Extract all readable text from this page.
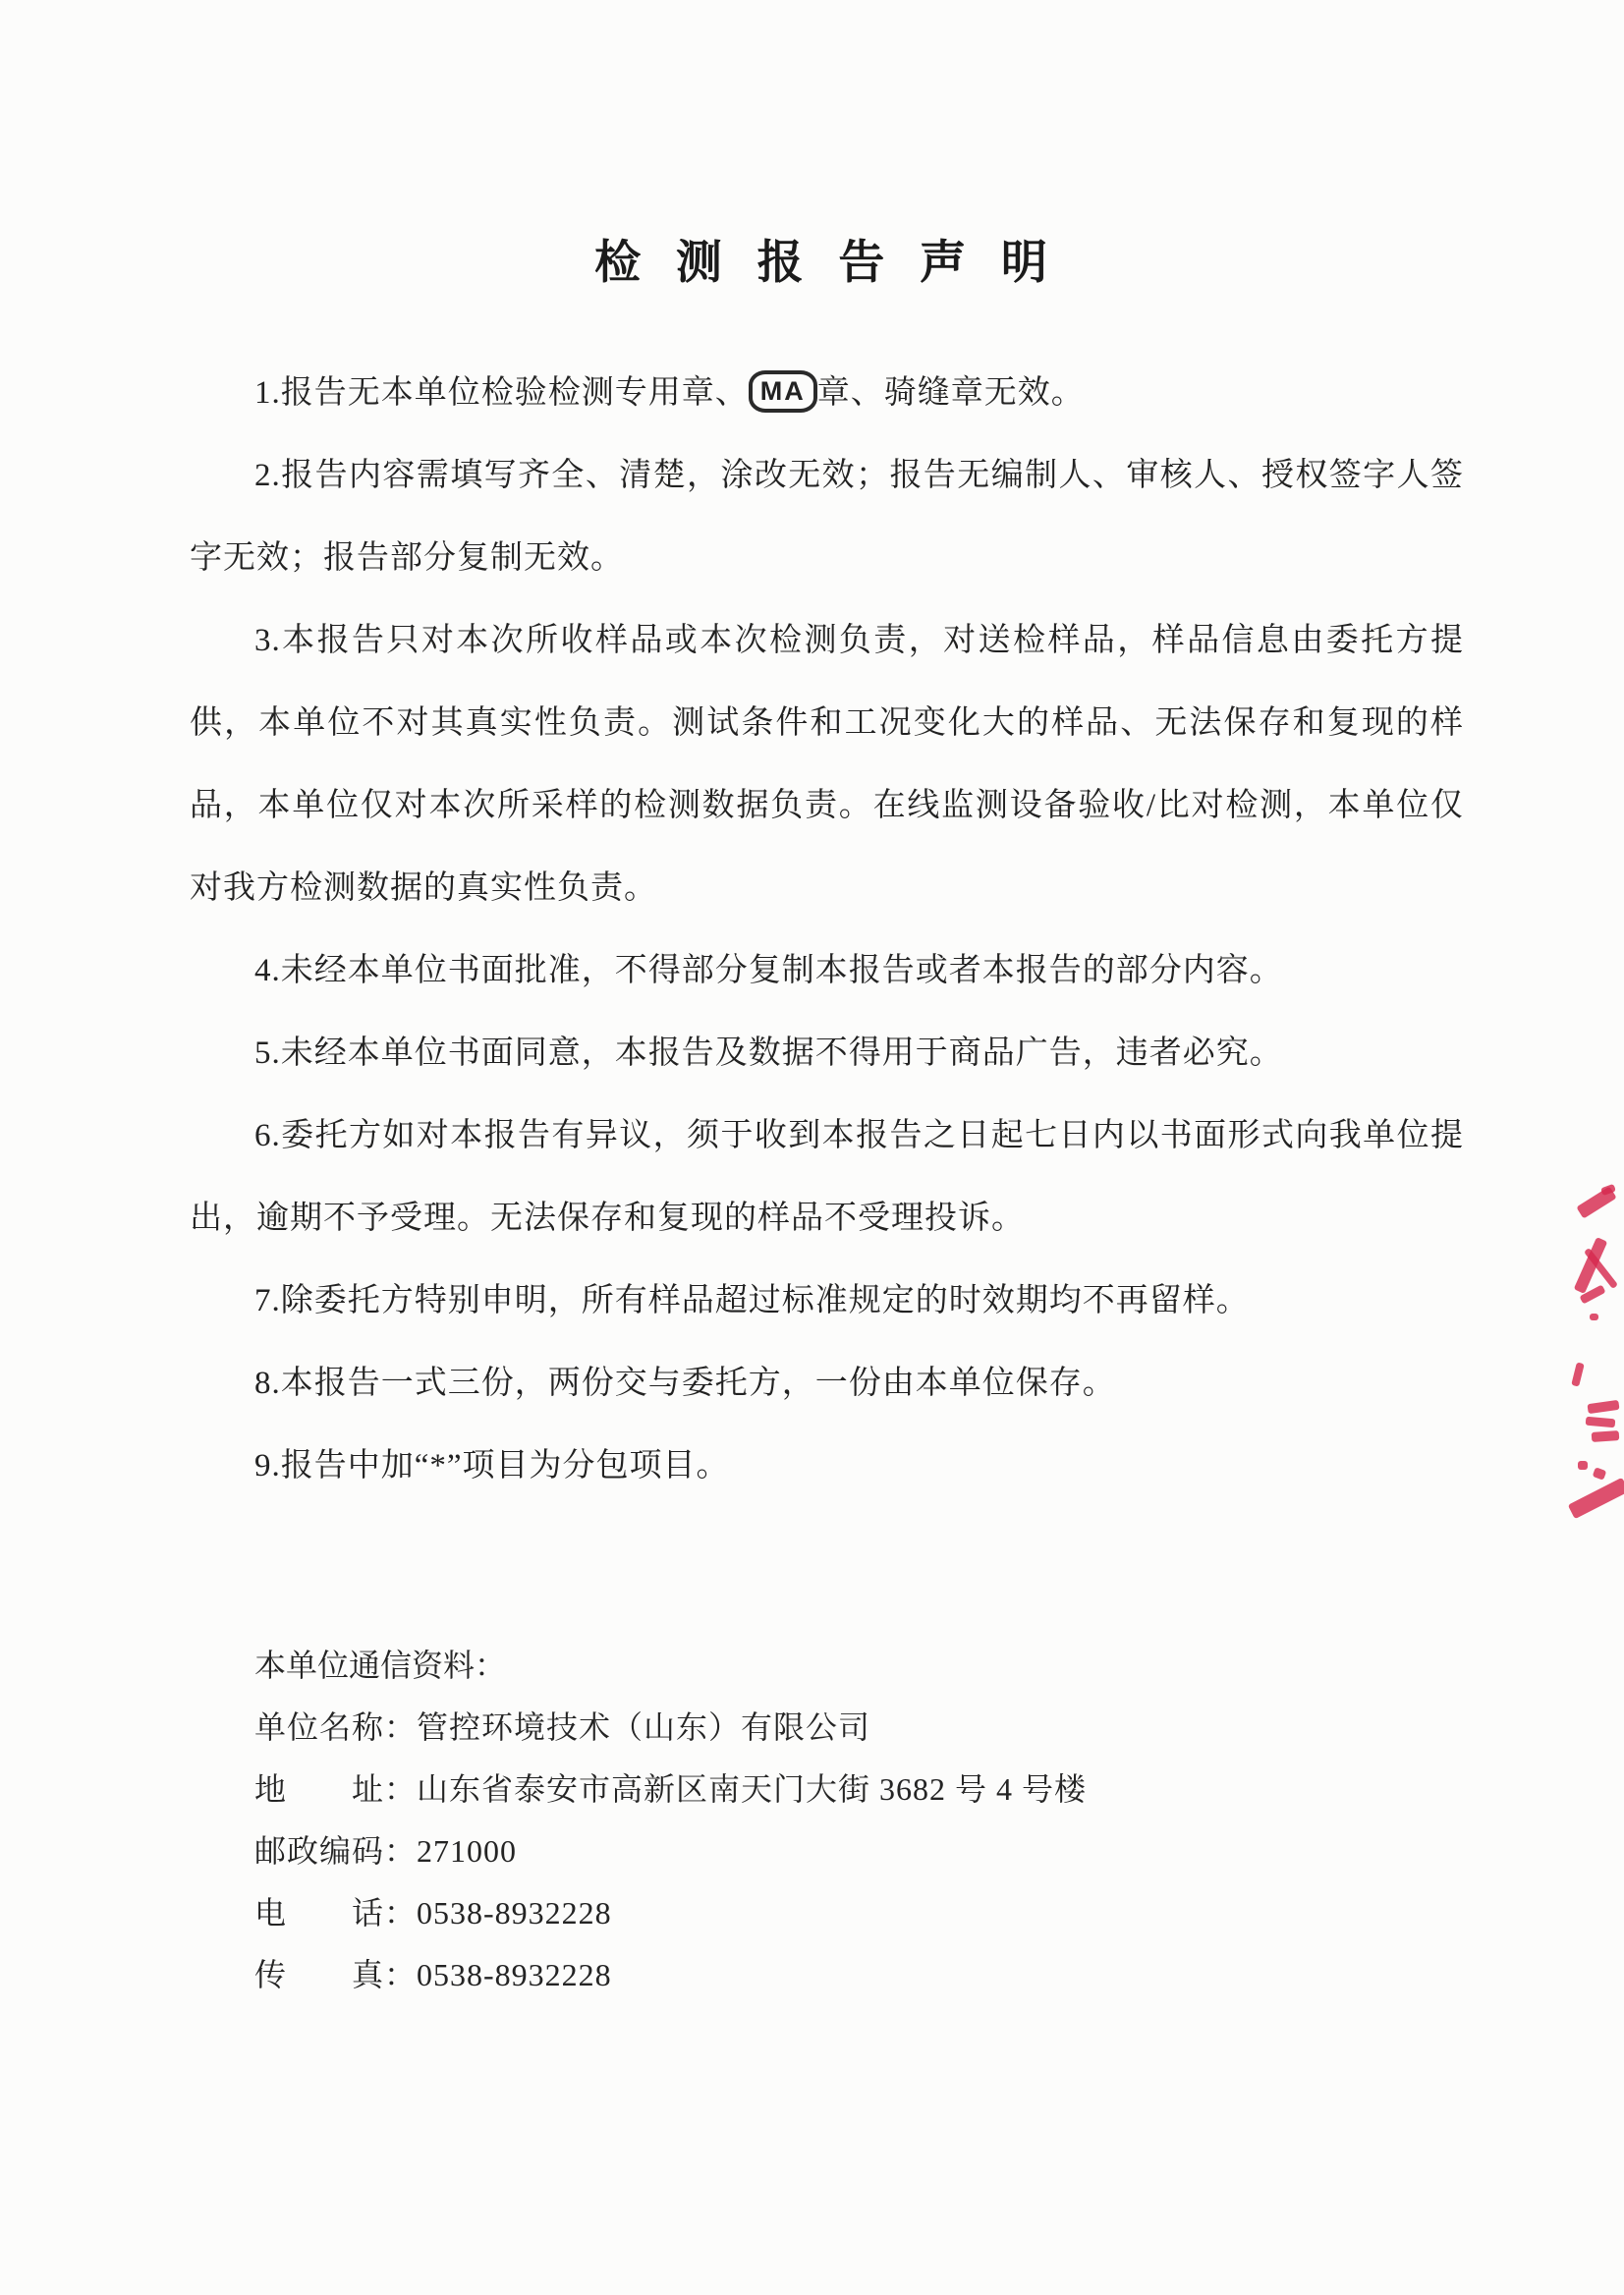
检 测 报 告 声 明

1.报告无本单位检验检测专用章、 MA 章、骑缝章无效。

2.报告内容需填写齐全、清楚，涂改无效；报告无编制人、审核人、授权签字人签字无效；报告部分复制无效。

3.本报告只对本次所收样品或本次检测负责，对送检样品，样品信息由委托方提供，本单位不对其真实性负责。测试条件和工况变化大的样品、无法保存和复现的样品，本单位仅对本次所采样的检测数据负责。在线监测设备验收/比对检测，本单位仅对我方检测数据的真实性负责。

4.未经本单位书面批准，不得部分复制本报告或者本报告的部分内容。

5.未经本单位书面同意，本报告及数据不得用于商品广告，违者必究。

6.委托方如对本报告有异议，须于收到本报告之日起七日内以书面形式向我单位提出，逾期不予受理。无法保存和复现的样品不受理投诉。

7.除委托方特别申明，所有样品超过标准规定的时效期均不再留样。

8.本报告一式三份，两份交与委托方，一份由本单位保存。

9.报告中加“*”项目为分包项目。

本单位通信资料：
单位名称：管控环境技术（山东）有限公司
地　　址：山东省泰安市高新区南天门大街 3682 号 4 号楼
邮政编码：271000
电　　话：0538-8932228
传　　真：0538-8932228
